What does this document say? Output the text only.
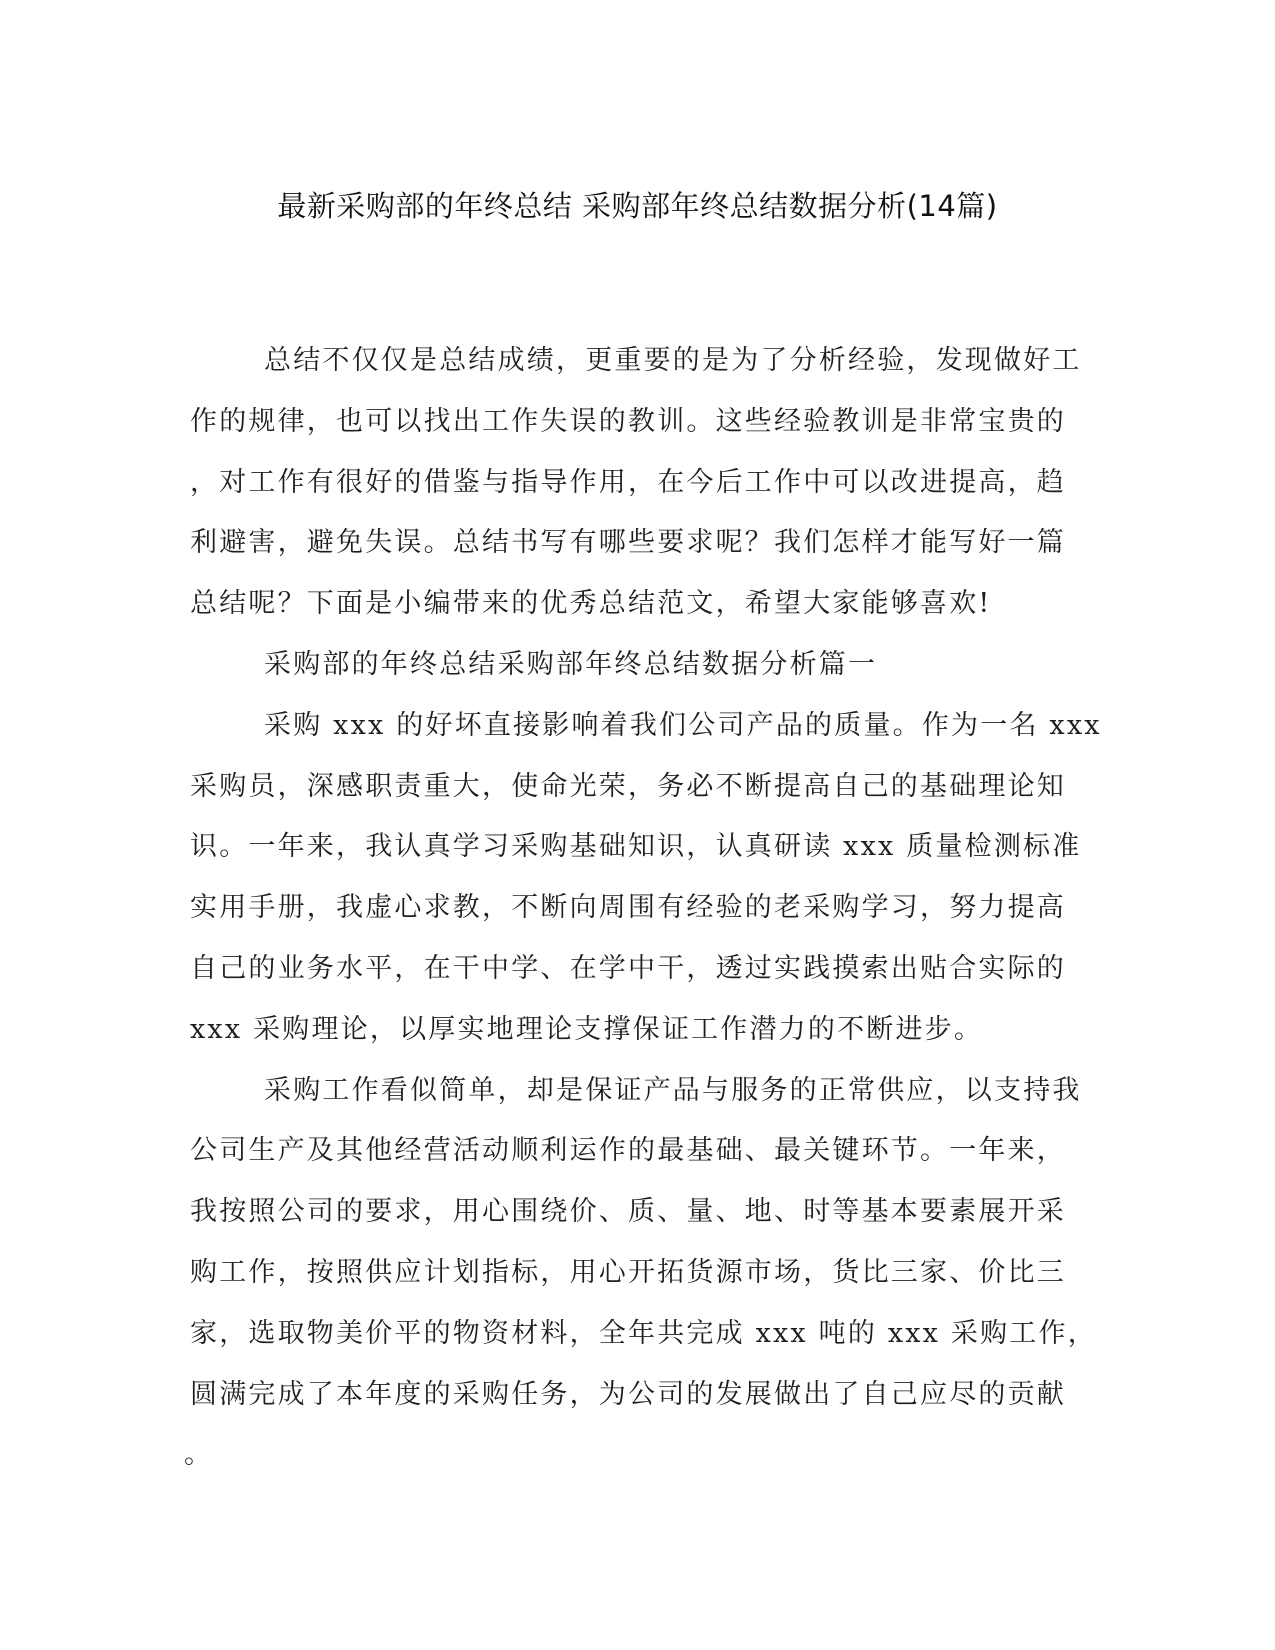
最新采购部的年终总结 采购部年终总结数据分析(14篇)
总结不仅仅是总结成绩，更重要的是为了分析经验，发现做好工
作的规律，也可以找出工作失误的教训。这些经验教训是非常宝贵的
，对工作有很好的借鉴与指导作用，在今后工作中可以改进提高，趋
利避害，避免失误。总结书写有哪些要求呢？我们怎样才能写好一篇
总结呢？下面是小编带来的优秀总结范文，希望大家能够喜欢!
采购部的年终总结采购部年终总结数据分析篇一
采购 xxx 的好坏直接影响着我们公司产品的质量。作为一名 xxx
采购员，深感职责重大，使命光荣，务必不断提高自己的基础理论知
识。一年来，我认真学习采购基础知识，认真研读 xxx 质量检测标准
实用手册，我虚心求教，不断向周围有经验的老采购学习，努力提高
自己的业务水平，在干中学、在学中干，透过实践摸索出贴合实际的
xxx 采购理论，以厚实地理论支撑保证工作潜力的不断进步。
采购工作看似简单，却是保证产品与服务的正常供应，以支持我
公司生产及其他经营活动顺利运作的最基础、最关键环节。一年来，
我按照公司的要求，用心围绕价、质、量、地、时等基本要素展开采
购工作，按照供应计划指标，用心开拓货源市场，货比三家、价比三
家，选取物美价平的物资材料，全年共完成 xxx 吨的 xxx 采购工作，
圆满完成了本年度的采购任务，为公司的发展做出了自己应尽的贡献
。
